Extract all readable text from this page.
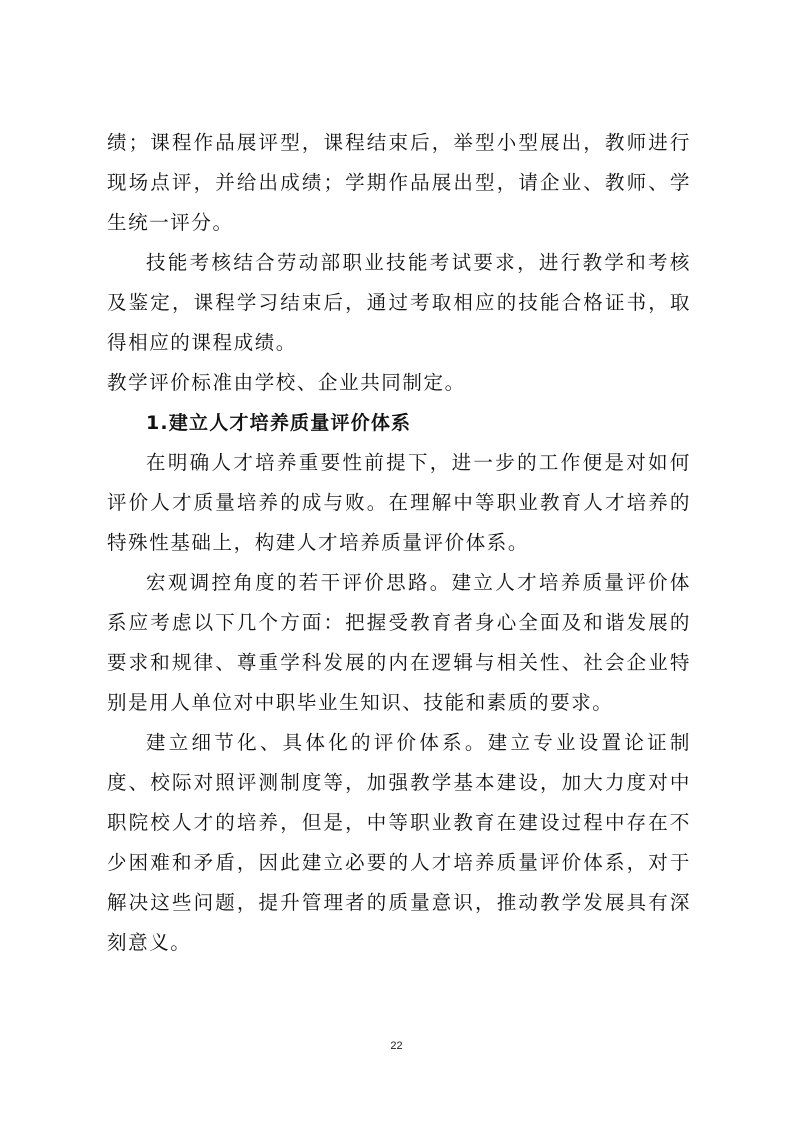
绩；课程作品展评型，课程结束后，举型小型展出，教师进行现场点评，并给出成绩；学期作品展出型，请企业、教师、学生统一评分。

技能考核结合劳动部职业技能考试要求，进行教学和考核及鉴定，课程学习结束后，通过考取相应的技能合格证书，取得相应的课程成绩。

教学评价标准由学校、企业共同制定。

1.建立人才培养质量评价体系

在明确人才培养重要性前提下，进一步的工作便是对如何评价人才质量培养的成与败。在理解中等职业教育人才培养的特殊性基础上，构建人才培养质量评价体系。

宏观调控角度的若干评价思路。建立人才培养质量评价体系应考虑以下几个方面：把握受教育者身心全面及和谐发展的要求和规律、尊重学科发展的内在逻辑与相关性、社会企业特别是用人单位对中职毕业生知识、技能和素质的要求。

建立细节化、具体化的评价体系。建立专业设置论证制度、校际对照评测制度等，加强教学基本建设，加大力度对中职院校人才的培养，但是，中等职业教育在建设过程中存在不少困难和矛盾，因此建立必要的人才培养质量评价体系，对于解决这些问题，提升管理者的质量意识，推动教学发展具有深刻意义。

22
